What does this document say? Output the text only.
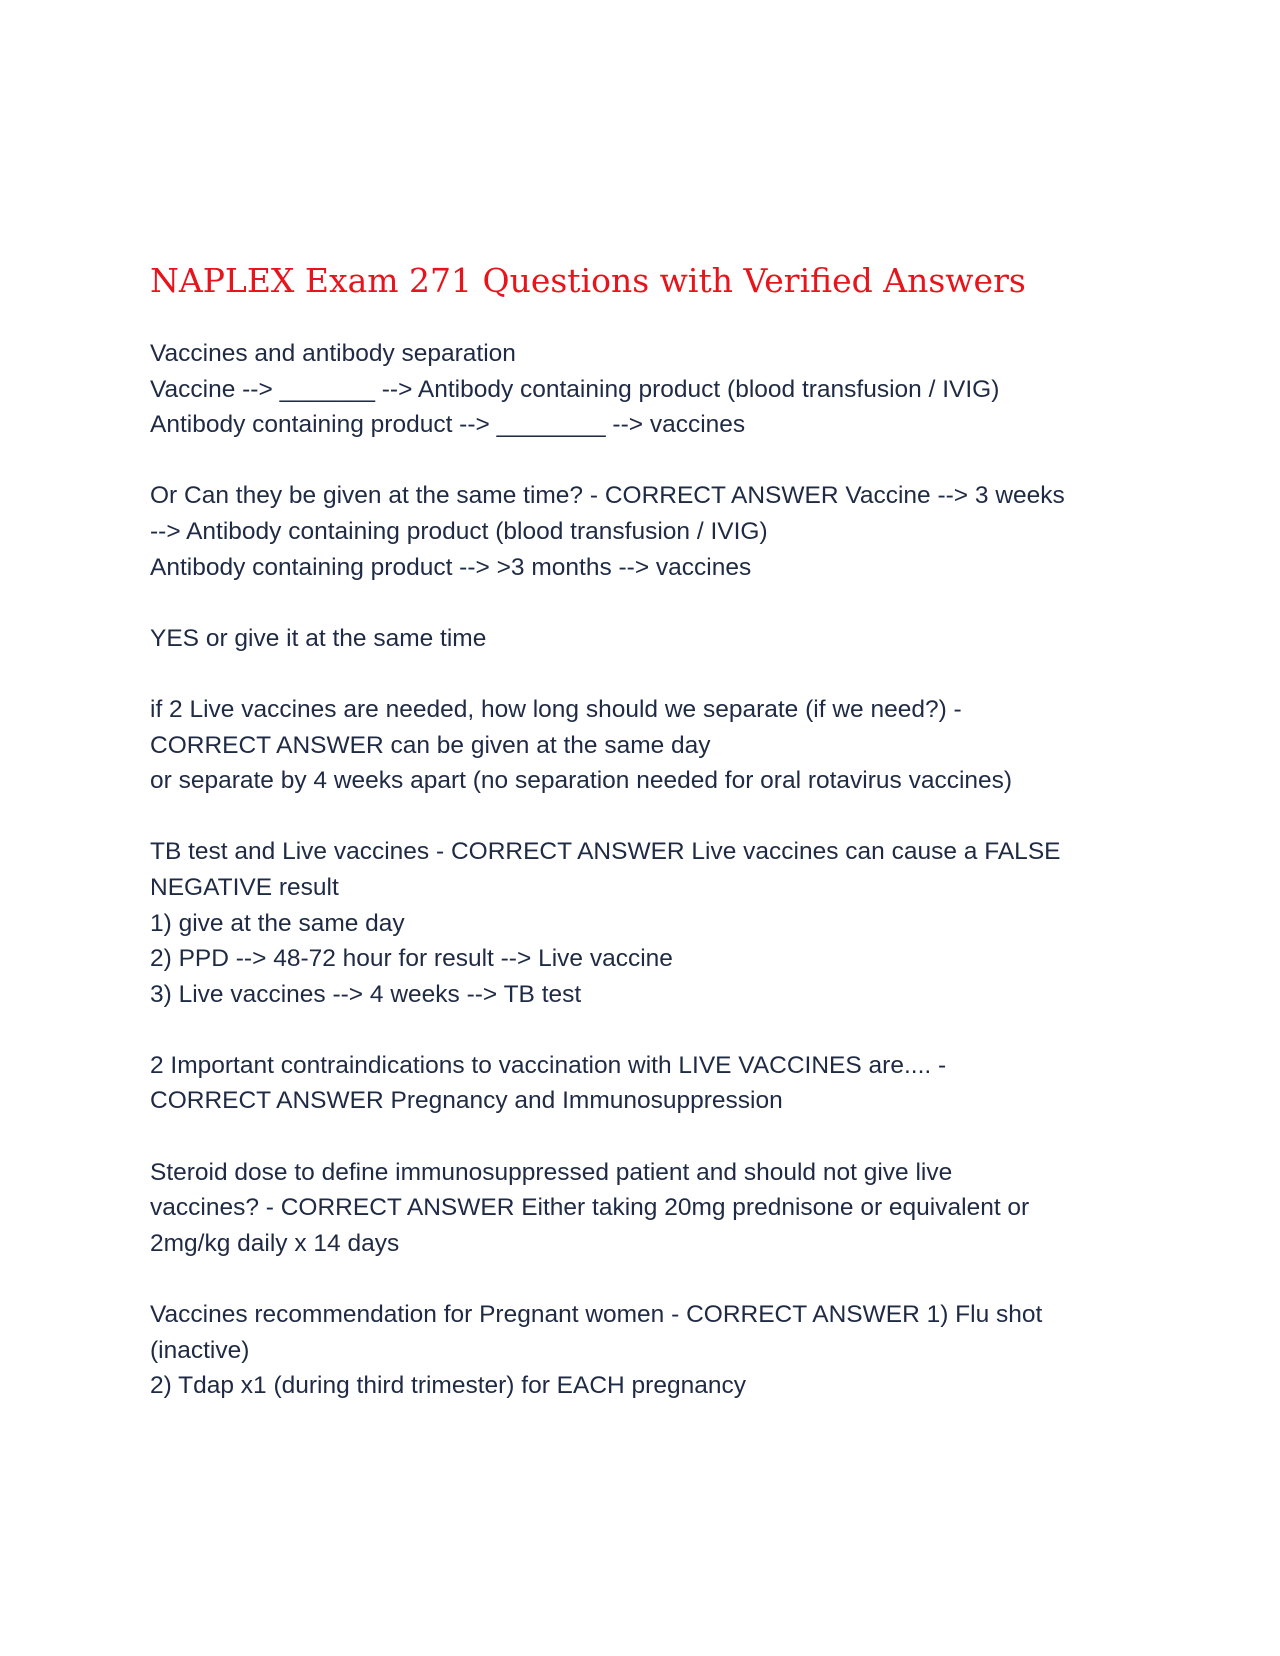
NAPLEX Exam 271 Questions with Verified Answers

Vaccines and antibody separation
Vaccine --> _______ --> Antibody containing product (blood transfusion / IVIG)
Antibody containing product --> ________ --> vaccines

Or Can they be given at the same time? - CORRECT ANSWER Vaccine --> 3 weeks
--> Antibody containing product (blood transfusion / IVIG)
Antibody containing product --> >3 months --> vaccines

YES or give it at the same time

if 2 Live vaccines are needed, how long should we separate (if we need?) -
CORRECT ANSWER can be given at the same day
or separate by 4 weeks apart (no separation needed for oral rotavirus vaccines)

TB test and Live vaccines - CORRECT ANSWER Live vaccines can cause a FALSE
NEGATIVE result
1) give at the same day
2) PPD --> 48-72 hour for result --> Live vaccine
3) Live vaccines --> 4 weeks --> TB test

2 Important contraindications to vaccination with LIVE VACCINES are.... -
CORRECT ANSWER Pregnancy and Immunosuppression

Steroid dose to define immunosuppressed patient and should not give live
vaccines? - CORRECT ANSWER Either taking 20mg prednisone or equivalent or
2mg/kg daily x 14 days

Vaccines recommendation for Pregnant women - CORRECT ANSWER 1) Flu shot
(inactive)
2) Tdap x1 (during third trimester) for EACH pregnancy
